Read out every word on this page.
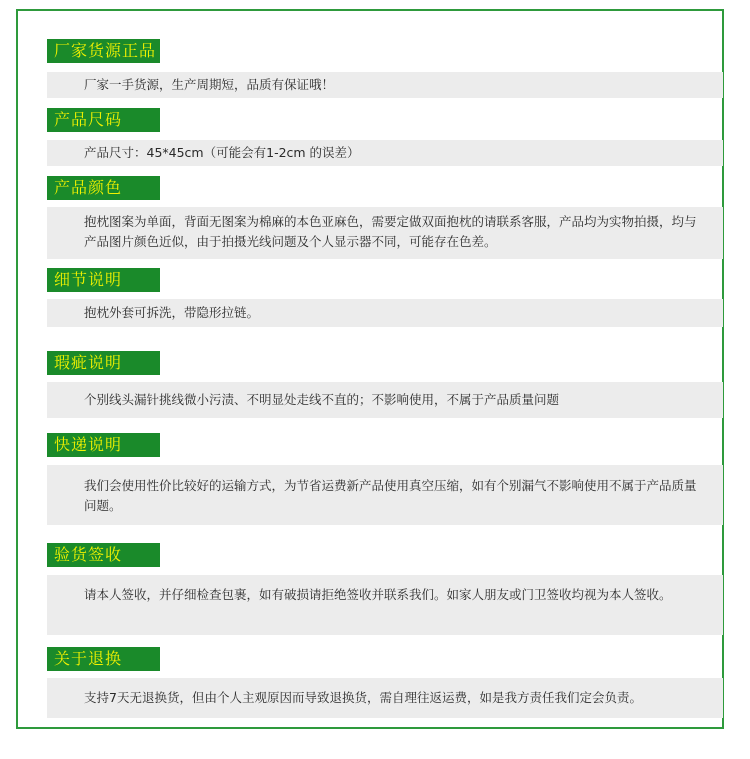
厂家货源正品
厂家一手货源，生产周期短，品质有保证哦！
产品尺码
产品尺寸：45*45cm（可能会有1-2cm 的误差）
产品颜色
抱枕图案为单面，背面无图案为棉麻的本色亚麻色，需要定做双面抱枕的请联系客服，产品均为实物拍摄，均与产品图片颜色近似，由于拍摄光线问题及个人显示器不同，可能存在色差。
细节说明
抱枕外套可拆洗，带隐形拉链。
瑕疵说明
个别线头漏针挑线微小污渍、不明显处走线不直的；不影响使用，不属于产品质量问题
快递说明
我们会使用性价比较好的运输方式，为节省运费新产品使用真空压缩，如有个别漏气不影响使用不属于产品质量问题。
验货签收
请本人签收，并仔细检查包裹，如有破损请拒绝签收并联系我们。如家人朋友或门卫签收均视为本人签收。
关于退换
支持7天无退换货，但由个人主观原因而导致退换货，需自理往返运费，如是我方责任我们定会负责。
